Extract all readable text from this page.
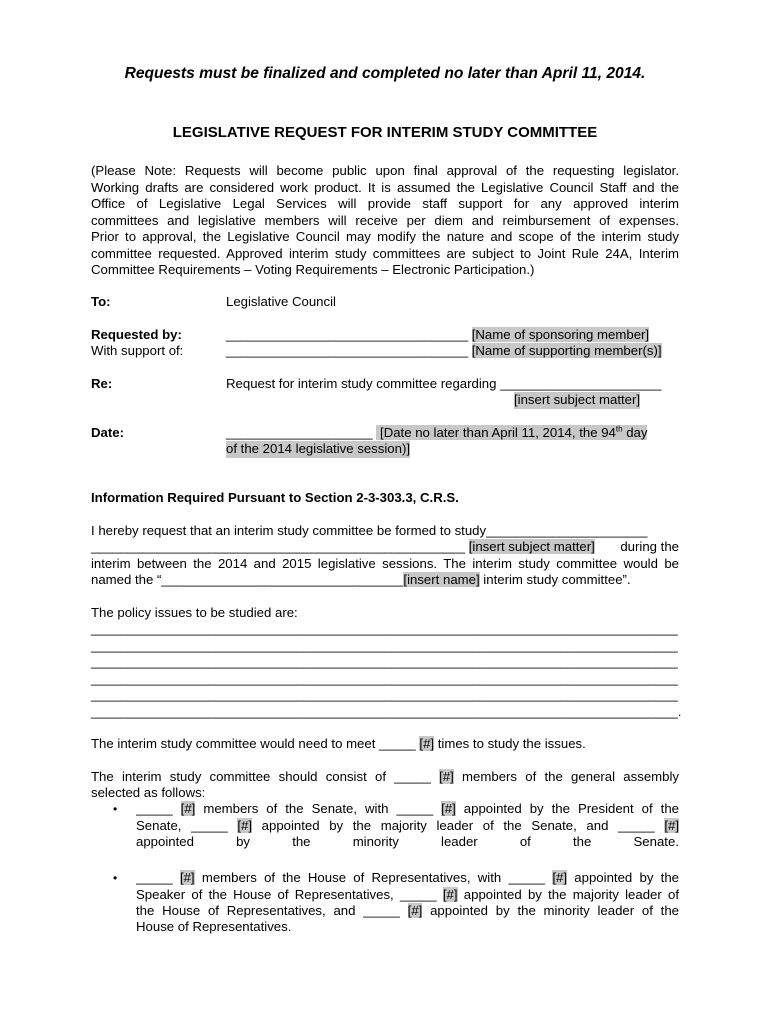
Requests must be finalized and completed no later than April 11, 2014.
LEGISLATIVE REQUEST FOR INTERIM STUDY COMMITTEE
(Please Note: Requests will become public upon final approval of the requesting legislator.
Working drafts are considered work product. It is assumed the Legislative Council Staff and the
Office of Legislative Legal Services will provide staff support for any approved interim
committees and legislative members will receive per diem and reimbursement of expenses.
Prior to approval, the Legislative Council may modify the nature and scope of the interim study
committee requested. Approved interim study committees are subject to Joint Rule 24A, Interim
Committee Requirements – Voting Requirements – Electronic Participation.)
To:	Legislative Council
Requested by:	_________________________________ [Name of sponsoring member]
With support of:	_________________________________ [Name of supporting member(s)]
Re:	Request for interim study committee regarding ______________________
[insert subject matter]
Date:	____________________ [Date no later than April 11, 2014, the 94th day
of the 2014 legislative session)]
Information Required Pursuant to Section 2-3-303.3, C.R.S.
I hereby request that an interim study committee be formed to study______________________
___________________________________________________ [insert subject matter] during the
interim between the 2014 and 2015 legislative sessions. The interim study committee would be
named the “_________________________________[insert name] interim study committee”.
The policy issues to be studied are:
________________________________________________________________________________
________________________________________________________________________________
________________________________________________________________________________
________________________________________________________________________________
________________________________________________________________________________
________________________________________________________________________________.
The interim study committee would need to meet _____ [#] times to study the issues.
The interim study committee should consist of _____ [#] members of the general assembly
selected as follows:
• _____ [#] members of the Senate, with _____ [#] appointed by the President of the
Senate, _____ [#] appointed by the majority leader of the Senate, and _____ [#]
appointed	by	the	minority	leader	of	the	Senate.
• _____ [#] members of the House of Representatives, with _____ [#] appointed by the
Speaker of the House of Representatives, _____ [#] appointed by the majority leader of
the House of Representatives, and _____ [#] appointed by the minority leader of the
House of Representatives.
